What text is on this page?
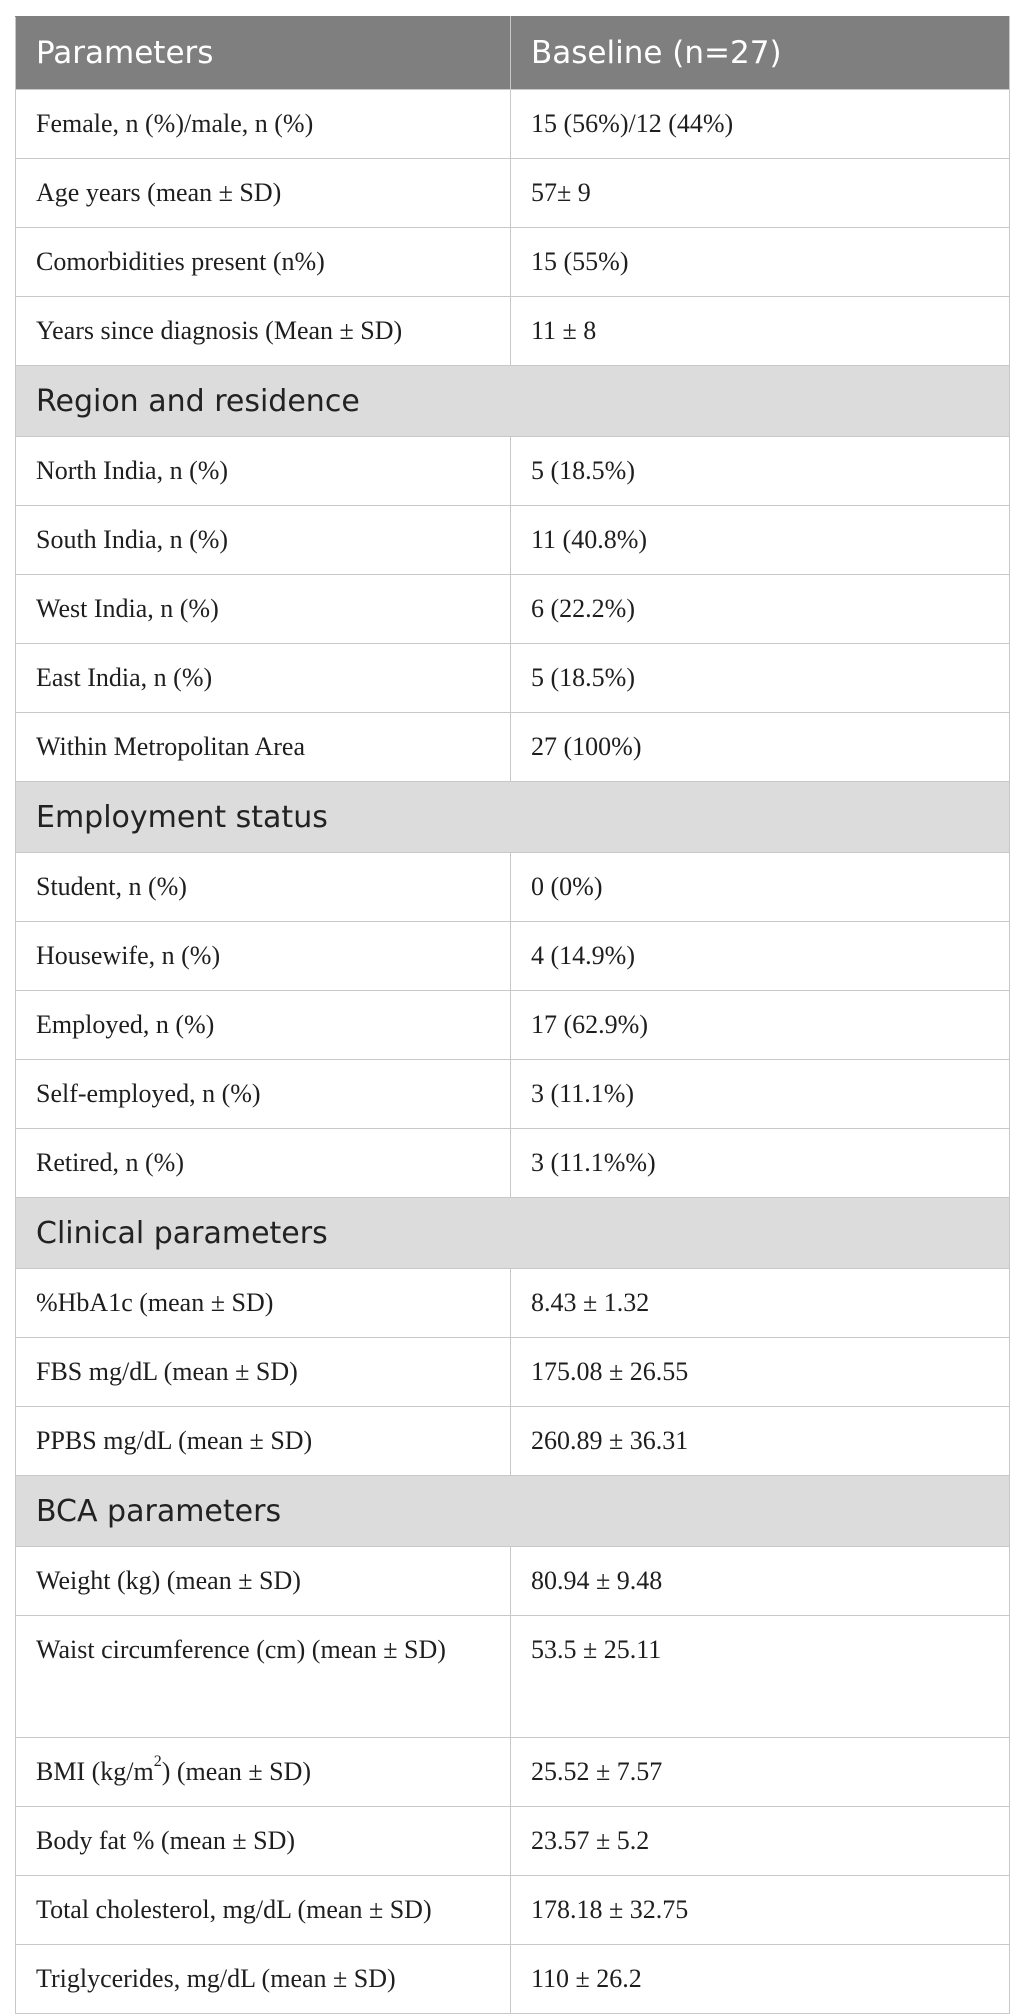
Parameters	Baseline (n=27)
Female, n (%)/male, n (%)	15 (56%)/12 (44%)
Age years (mean ± SD)	57± 9
Comorbidities present (n%)	15 (55%)
Years since diagnosis (Mean ± SD)	11 ± 8
Region and residence	
North India, n (%)	5 (18.5%)
South India, n (%)	11 (40.8%)
West India, n (%)	6 (22.2%)
East India, n (%)	5 (18.5%)
Within Metropolitan Area	27 (100%)
Employment status	
Student, n (%)	0 (0%)
Housewife, n (%)	4 (14.9%)
Employed, n (%)	17 (62.9%)
Self-employed, n (%)	3 (11.1%)
Retired, n (%)	3 (11.1%%)
Clinical parameters	
%HbA1c (mean ± SD)	8.43 ± 1.32
FBS mg/dL (mean ± SD)	175.08 ± 26.55
PPBS mg/dL (mean ± SD)	260.89 ± 36.31
BCA parameters	
Weight (kg) (mean ± SD)	80.94 ± 9.48
Waist circumference (cm) (mean ± SD)	53.5 ± 25.11
BMI $(kg/m^2)$ (mean ± SD)	25.52 ± 7.57
Body fat % (mean ± SD)	23.57 ± 5.2
Total cholesterol, mg/dL (mean ± SD)	178.18 ± 32.75
Triglycerides, mg/dL (mean ± SD)	110 ± 26.2
